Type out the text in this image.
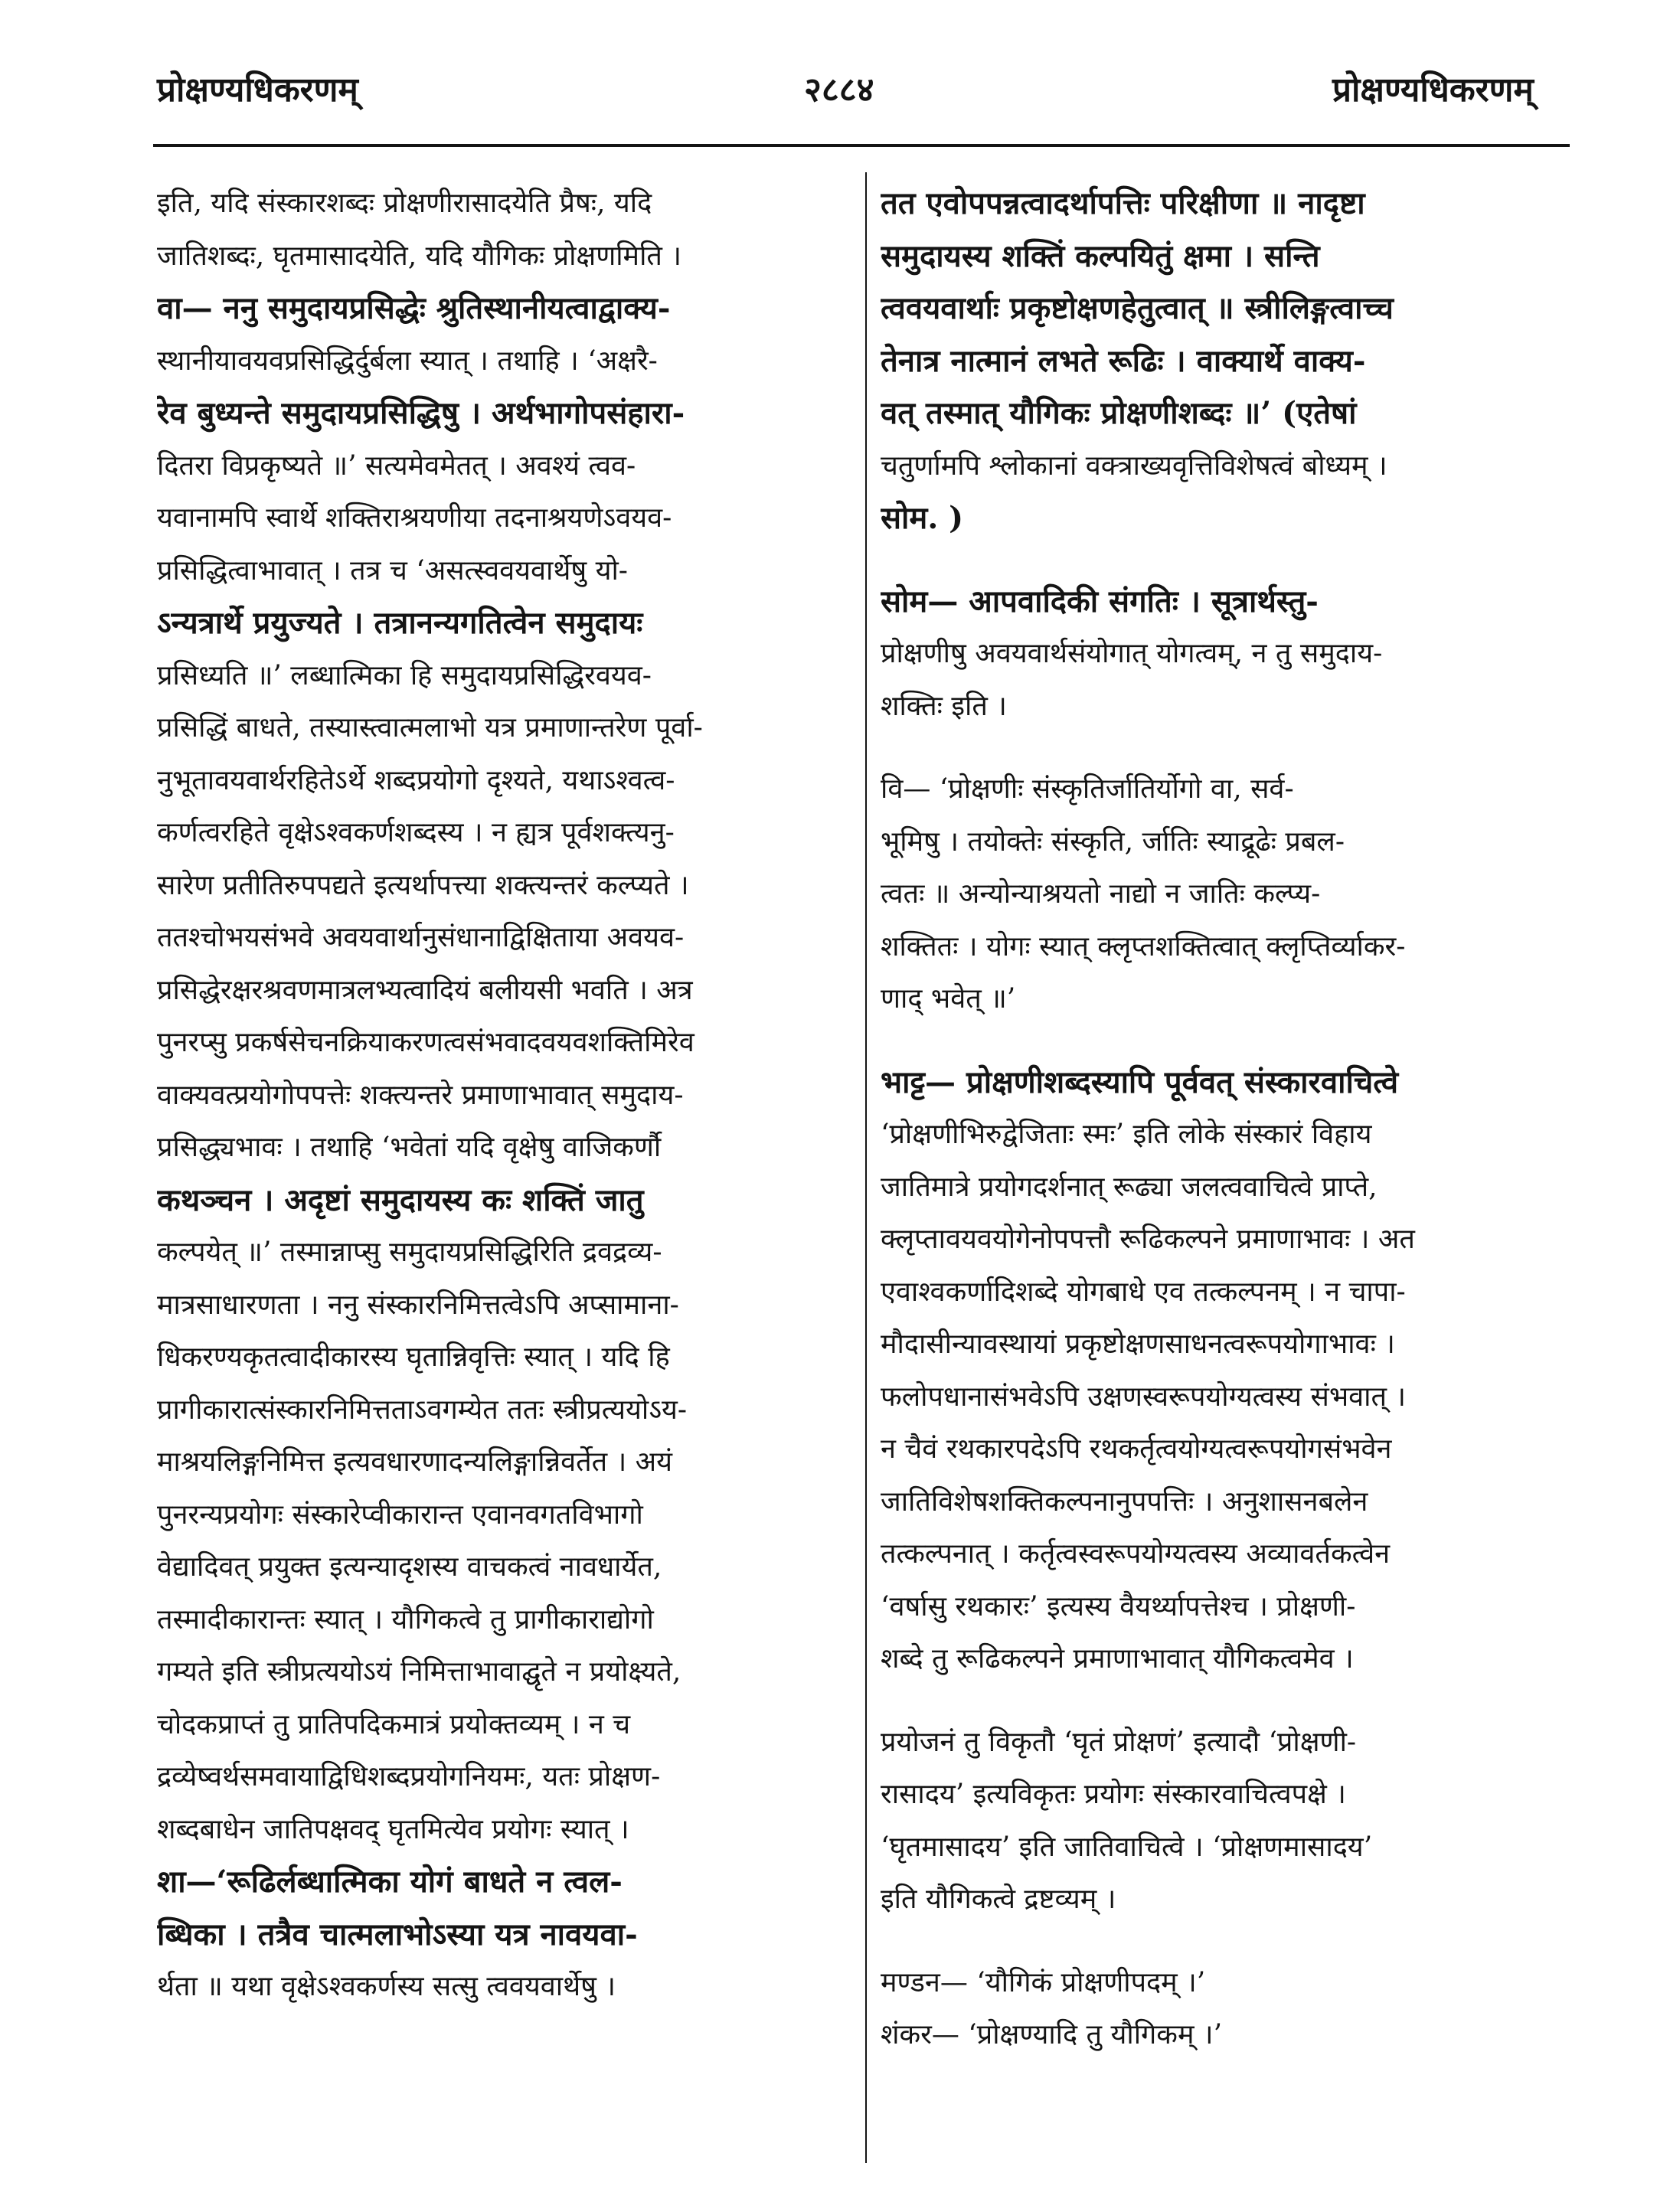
प्रोक्षण्यधिकरणम्	२८८४	प्रोक्षण्यधिकरणम्
इति, यदि संस्कारशब्दः प्रोक्षणीरासादयेति प्रैषः, यदि
जातिशब्दः, घृतमासादयेति, यदि यौगिकः प्रोक्षणमिति ।
वा— ननु समुदायप्रसिद्धेः श्रुतिस्थानीयत्वाद्वाक्य-
स्थानीयावयवप्रसिद्धिर्दुर्बला स्यात् । तथाहि । ‘अक्षरै-
रेव बुध्यन्ते समुदायप्रसिद्धिषु । अर्थभागोपसंहारा-
दितरा विप्रकृष्यते ॥’ सत्यमेवमेतत् । अवश्यं त्वव-
यवानामपि स्वार्थे शक्तिराश्रयणीया तदनाश्रयणेऽवयव-
प्रसिद्धित्वाभावात् । तत्र च ‘असत्स्ववयवार्थेषु यो-
ऽन्यत्रार्थे प्रयुज्यते । तत्रानन्यगतित्वेन समुदायः
प्रसिध्यति ॥’ लब्धात्मिका हि समुदायप्रसिद्धिरवयव-
प्रसिद्धिं बाधते, तस्यास्त्वात्मलाभो यत्र प्रमाणान्तरेण पूर्वा-
नुभूतावयवार्थरहितेऽर्थे शब्दप्रयोगो दृश्यते, यथाऽश्वत्व-
कर्णत्वरहिते वृक्षेऽश्वकर्णशब्दस्य । न ह्यत्र पूर्वशक्त्यनु-
सारेण प्रतीतिरुपपद्यते इत्यर्थापत्त्या शक्त्यन्तरं कल्प्यते ।
ततश्चोभयसंभवे अवयवार्थानुसंधानाद्विक्षिताया अवयव-
प्रसिद्धेरक्षरश्रवणमात्रलभ्यत्वादियं बलीयसी भवति । अत्र
पुनरप्सु प्रकर्षसेचनक्रियाकरणत्वसंभवादवयवशक्तिमिरेव
वाक्यवत्प्रयोगोपपत्तेः शक्त्यन्तरे प्रमाणाभावात् समुदाय-
प्रसिद्ध्यभावः । तथाहि ‘भवेतां यदि वृक्षेषु वाजिकर्णौ
कथञ्चन । अदृष्टां समुदायस्य कः शक्तिं जातु
कल्पयेत् ॥’ तस्मान्नाप्सु समुदायप्रसिद्धिरिति द्रवद्रव्य-
मात्रसाधारणता । ननु संस्कारनिमित्तत्वेऽपि अप्सामाना-
धिकरण्यकृतत्वादीकारस्य घृतान्निवृत्तिः स्यात् । यदि हि
प्रागीकारात्संस्कारनिमित्तताऽवगम्येत ततः स्त्रीप्रत्ययोऽय-
माश्रयलिङ्गनिमित्त इत्यवधारणादन्यलिङ्गान्निवर्तेत । अयं
पुनरन्यप्रयोगः संस्कारेप्वीकारान्त एवानवगतविभागो
वेद्यादिवत् प्रयुक्त इत्यन्यादृशस्य वाचकत्वं नावधार्येत,
तस्मादीकारान्तः स्यात् । यौगिकत्वे तु प्रागीकाराद्योगो
गम्यते इति स्त्रीप्रत्ययोऽयं निमित्ताभावाद्घृते न प्रयोक्ष्यते,
चोदकप्राप्तं तु प्रातिपदिकमात्रं प्रयोक्तव्यम् । न च
द्रव्येष्वर्थसमवायाद्विधिशब्दप्रयोगनियमः, यतः प्रोक्षण-
शब्दबाधेन जातिपक्षवद् घृतमित्येव प्रयोगः स्यात् ।
शा—‘रूढिर्लब्धात्मिका योगं बाधते न त्वल-
ब्धिका । तत्रैव चात्मलाभोऽस्या यत्र नावयवा-
र्थता ॥ यथा वृक्षेऽश्वकर्णस्य सत्सु त्ववयवार्थेषु ।
तत एवोपपन्नत्वादर्थापत्तिः परिक्षीणा ॥ नादृष्टा
समुदायस्य शक्तिं कल्पयितुं क्षमा । सन्ति
त्ववयवार्थाः प्रकृष्टोक्षणहेतुत्वात् ॥ स्त्रीलिङ्गत्वाच्च
तेनात्र नात्मानं लभते रूढिः । वाक्यार्थे वाक्य-
वत् तस्मात् यौगिकः प्रोक्षणीशब्दः ॥’ (एतेषां
चतुर्णामपि श्लोकानां वक्त्राख्यवृत्तिविशेषत्वं बोध्यम् ।
सोम. )
सोम— आपवादिकी संगतिः । सूत्रार्थस्तु-
प्रोक्षणीषु अवयवार्थसंयोगात् योगत्वम्, न तु समुदाय-
शक्तिः इति ।
वि— ‘प्रोक्षणीः संस्कृतिर्जातिर्योगो वा, सर्व-
भूमिषु । तयोक्तेः संस्कृति, र्जातिः स्याद्रूढेः प्रबल-
त्वतः ॥ अन्योन्याश्रयतो नाद्यो न जातिः कल्प्य-
शक्तितः । योगः स्यात् क्लृप्तशक्तित्वात् क्लृप्तिर्व्याकर-
णाद् भवेत् ॥’
भाट्ट— प्रोक्षणीशब्दस्यापि पूर्ववत् संस्कारवाचित्वे
‘प्रोक्षणीभिरुद्वेजिताः स्मः’ इति लोके संस्कारं विहाय
जातिमात्रे प्रयोगदर्शनात् रूढ्या जलत्ववाचित्वे प्राप्ते,
क्लृप्तावयवयोगेनोपपत्तौ रूढिकल्पने प्रमाणाभावः । अत
एवाश्वकर्णादिशब्दे योगबाधे एव तत्कल्पनम् । न चापा-
मौदासीन्यावस्थायां प्रकृष्टोक्षणसाधनत्वरूपयोगाभावः ।
फलोपधानासंभवेऽपि उक्षणस्वरूपयोग्यत्वस्य संभवात् ।
न चैवं रथकारपदेऽपि रथकर्तृत्वयोग्यत्वरूपयोगसंभवेन
जातिविशेषशक्तिकल्पनानुपपत्तिः । अनुशासनबलेन
तत्कल्पनात् । कर्तृत्वस्वरूपयोग्यत्वस्य अव्यावर्तकत्वेन
‘वर्षासु रथकारः’ इत्यस्य वैयर्थ्यापत्तेश्च । प्रोक्षणी-
शब्दे तु रूढिकल्पने प्रमाणाभावात् यौगिकत्वमेव ।
प्रयोजनं तु विकृतौ ‘घृतं प्रोक्षणं’ इत्यादौ ‘प्रोक्षणी-
रासादय’ इत्यविकृतः प्रयोगः संस्कारवाचित्वपक्षे ।
‘घृतमासादय’ इति जातिवाचित्वे । ‘प्रोक्षणमासादय’
इति यौगिकत्वे द्रष्टव्यम् ।
मण्डन— ‘यौगिकं प्रोक्षणीपदम् ।’
शंकर— ‘प्रोक्षण्यादि तु यौगिकम् ।’
